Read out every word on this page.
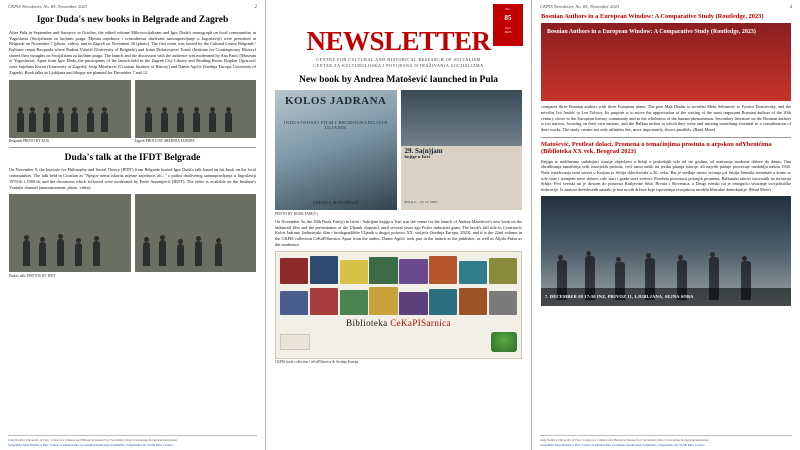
CKPIS Newsletter, No. 85, November 2023	2
Igor Duda's new books in Belgrade and Zagreb

After Pula in September and Sarajevo in October, the edited volume Mikrosocijalizam and Igor Duda's monograph on local communities in Yugoslavia (Socijalizam za lucšnim praga. Mjesna zajednica i svakodnevni društveni samoupravljanje u Jugoslaviji) were presented in Belgrade on November 7 (photo, video), and in Zagreb on November 30 (photo). The first event was hosted by the Cultural Centre Belgrade / Kulturni centar Beograda where Radina Vučetić (University of Belgrade) and Ivana Dobrivojević Tomić (Institute for Contemporary History) shared their thoughts on Socijalizam za lucšnim praga. The launch and the discussion with the audience was moderated by Ana Panić (Museum of Yugoslavia). Apart from Igor Duda, the participants of the launch held in the Zagreb City Library and Reading Room Bogdan Ogrizović were Snježana Koren (University of Zagreb), Josip Mihaljević (Croatian Institute of History) and Damir Agičić (Srednja Europa, University of Zagreb). Book talks in Ljubljana and Skopje are planned for December 7 and 12.

Belgrade PHOTO BY KCB	Zagreb PHOTO BY SREDNJA EUROPA
Duda's talk at the IFDT Belgrade

On November 9, the Institute for Philosophy and Social Theory (IFDT) from Belgrade hosted Igor Duda's talk based on his book on the local communities. The talk held in Croatian as "Njegov nema iskorist mjesne zajednice, ali..." o praksi društvenog samoupravljanja u Jugoslaviji 1970-ih i 1980-ih, and the discussion which followed were moderated by Pavle Antonijević (IFDT). The video is available on the Institute's Youtube channel (announcement, photo, video).

Duda's talk: PHOTOS BY IFDT
Juraj Dobrila University of Pula | Center for Cultural and Historical Research of Socialism | http://www.unipu.hr/ckpis/en/newsletter
Sveučilište Jurja Dobrile u Puli | Centar za kulturološka i povijesna istraživanja socijalizma | Zagrebačka 30, 52100 Pula, Croatia
No.
85
Nov
2023
NEWSLETTER
CENTRE FOR CULTURAL AND HISTORICAL RESEARCH OF SOCIALISM
CENTAR ZA KULTUROLOŠKA I POVIJESNA ISTRAŽIVANJA SOCIJALIZMA
New book by Andrea Matošević launched in Pula
KOLOS JADRANA
INDUSTRIJSKI FILM I BRODOGRADILIŠTE ULJANIK
ANDREA MATOŠEVIĆ
29. Sa(n)jam
knjige u Istri
PULA 2. – 10. 12. 2023.
PHOTO BY BOOK FAIR(Y)

On November 3a, the 29th Book Fair(y) in Istria / Sa(n)jam knjige u Istri was the venue for the launch of Andrea Matošević's new book on the industrial film and the presentation of the Uljanik shipyard, until several years ago Pula's industrial giant. The book's full title in Croatian is Kolos Jadrana. Industrijski film i brodogradilište Uljanik u drugoj polovici XX. stoljeća (Srednja Europa, 2023), and it is the 22nd volume in the CKPIS collection CeKaPISarnica. Apart from the author, Damir Agičić took part in the launch as the publisher, as well as Aljoša Pužar as the moderator.

Biblioteka CeKaPISarnica
CKPIS book collection CeKaPISarnica & Srednja Europa
CKPIS Newsletter, No. 85, November 2023	4
Bosnian Authors in a European Window: A Comparative Study (Routledge, 2023)
Bosnian Authors in a European Window: A Comparative Study (Routledge, 2023)

compares three Bosnian authors with three European titans: The poet Mak Dizdar to novelist Meša Selimović to Fyodor Dostoevsky, and the novelist Ivo Andrić to Leo Tolstoy. Its purpose is to move the appreciation of the writing of the most important Bosnian authors of the 20th century closer to the European literary community and to the wholeness of the human phenomenon. Secondary literature on the Bosnian authors is too narrow, focusing on their own nations, and the Balkan milieu in which they write and missing something essential to a consideration of their works. The study creates not only affinities but, more importantly, shows parallels. (Read More)

Matošević, Protleat dolaci. Promena o temaćinjima prostuta u arpskou odYbenićima (Biblioteka XX vek, Beograd 2023)

Knjiga se nadilazimo sadašnjaci istorije objavljeni u Srbiji u poslednjih više od sto godina, od osnivanja moderne države do danas. Ona obrađivanja tumačenja svih istorijskih perioda, veći samo naših na jeziku pitanja istorije, ali najviše pažnje posvećuje razdoblju nakon 1945. Naša istraživanja ratni savezi u Krajina je Srbija sklerivovala u 20. veku. Rat je uređuje mesto sećanja još Srbiju Sremski trennisah u kome se rule state i stranjem nove države, rule stari i grade novi svetovi. Posebnu pozornost potonjih promena, Balkanski rakovi istovrsnih na teritoriju Srbije. Prvi svetski rat je dovoen do ponovna Kraljevine Srba, Hrvata i Slovenaca, a Drugi svetski rat je omogućio stvaranje socijalističke federacije. Iz nastora devedesetih nastalo je šest novih država koje ispovedaju evropskom modelu liberalne demokratije. (Read More)

7. DECEMBER 08 17:30 INZ, PRIVOZ 11, LJUBLJANA, SEJNA SOBA
Juraj Dobrila University of Pula | Center for Cultural and Historical Research of Socialism | http://www.unipu.hr/ckpis/en/newsletter
Sveučilište Jurja Dobrile u Puli | Centar za kulturološka i povijesna istraživanja socijalizma | Zagrebačka 30, 52100 Pula, Croatia
